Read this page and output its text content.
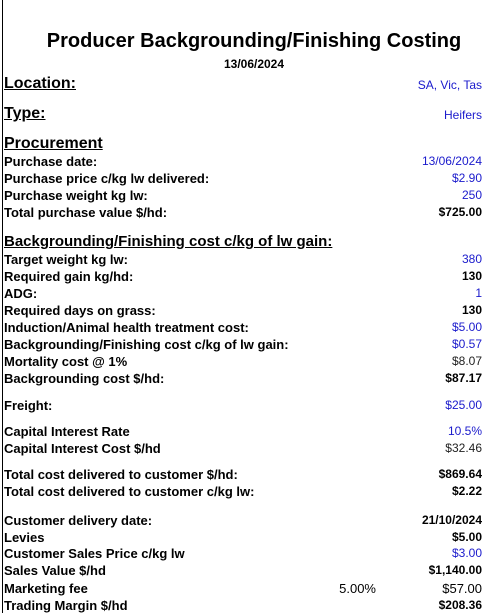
Producer Backgrounding/Finishing Costing
13/06/2024
Location:	SA, Vic, Tas
Type:	Heifers
Procurement
Purchase date:	13/06/2024
Purchase price c/kg lw delivered:	$2.90
Purchase weight kg lw:	250
Total purchase value $/hd:	$725.00
Backgrounding/Finishing cost c/kg of lw gain:
Target weight kg lw:	380
Required gain kg/hd:	130
ADG:	1
Required days on grass:	130
Induction/Animal health treatment cost:	$5.00
Backgrounding/Finishing cost c/kg of lw gain:	$0.57
Mortality cost @ 1%	$8.07
Backgrounding cost $/hd:	$87.17
Freight:	$25.00
Capital Interest Rate	10.5%
Capital Interest Cost $/hd	$32.46
Total cost delivered to customer $/hd:	$869.64
Total cost delivered to customer c/kg lw:	$2.22
Customer delivery date:	21/10/2024
Levies	$5.00
Customer Sales Price c/kg lw	$3.00
Sales Value $/hd	$1,140.00
Marketing fee	5.00%	$57.00
Trading Margin $/hd	$208.36
